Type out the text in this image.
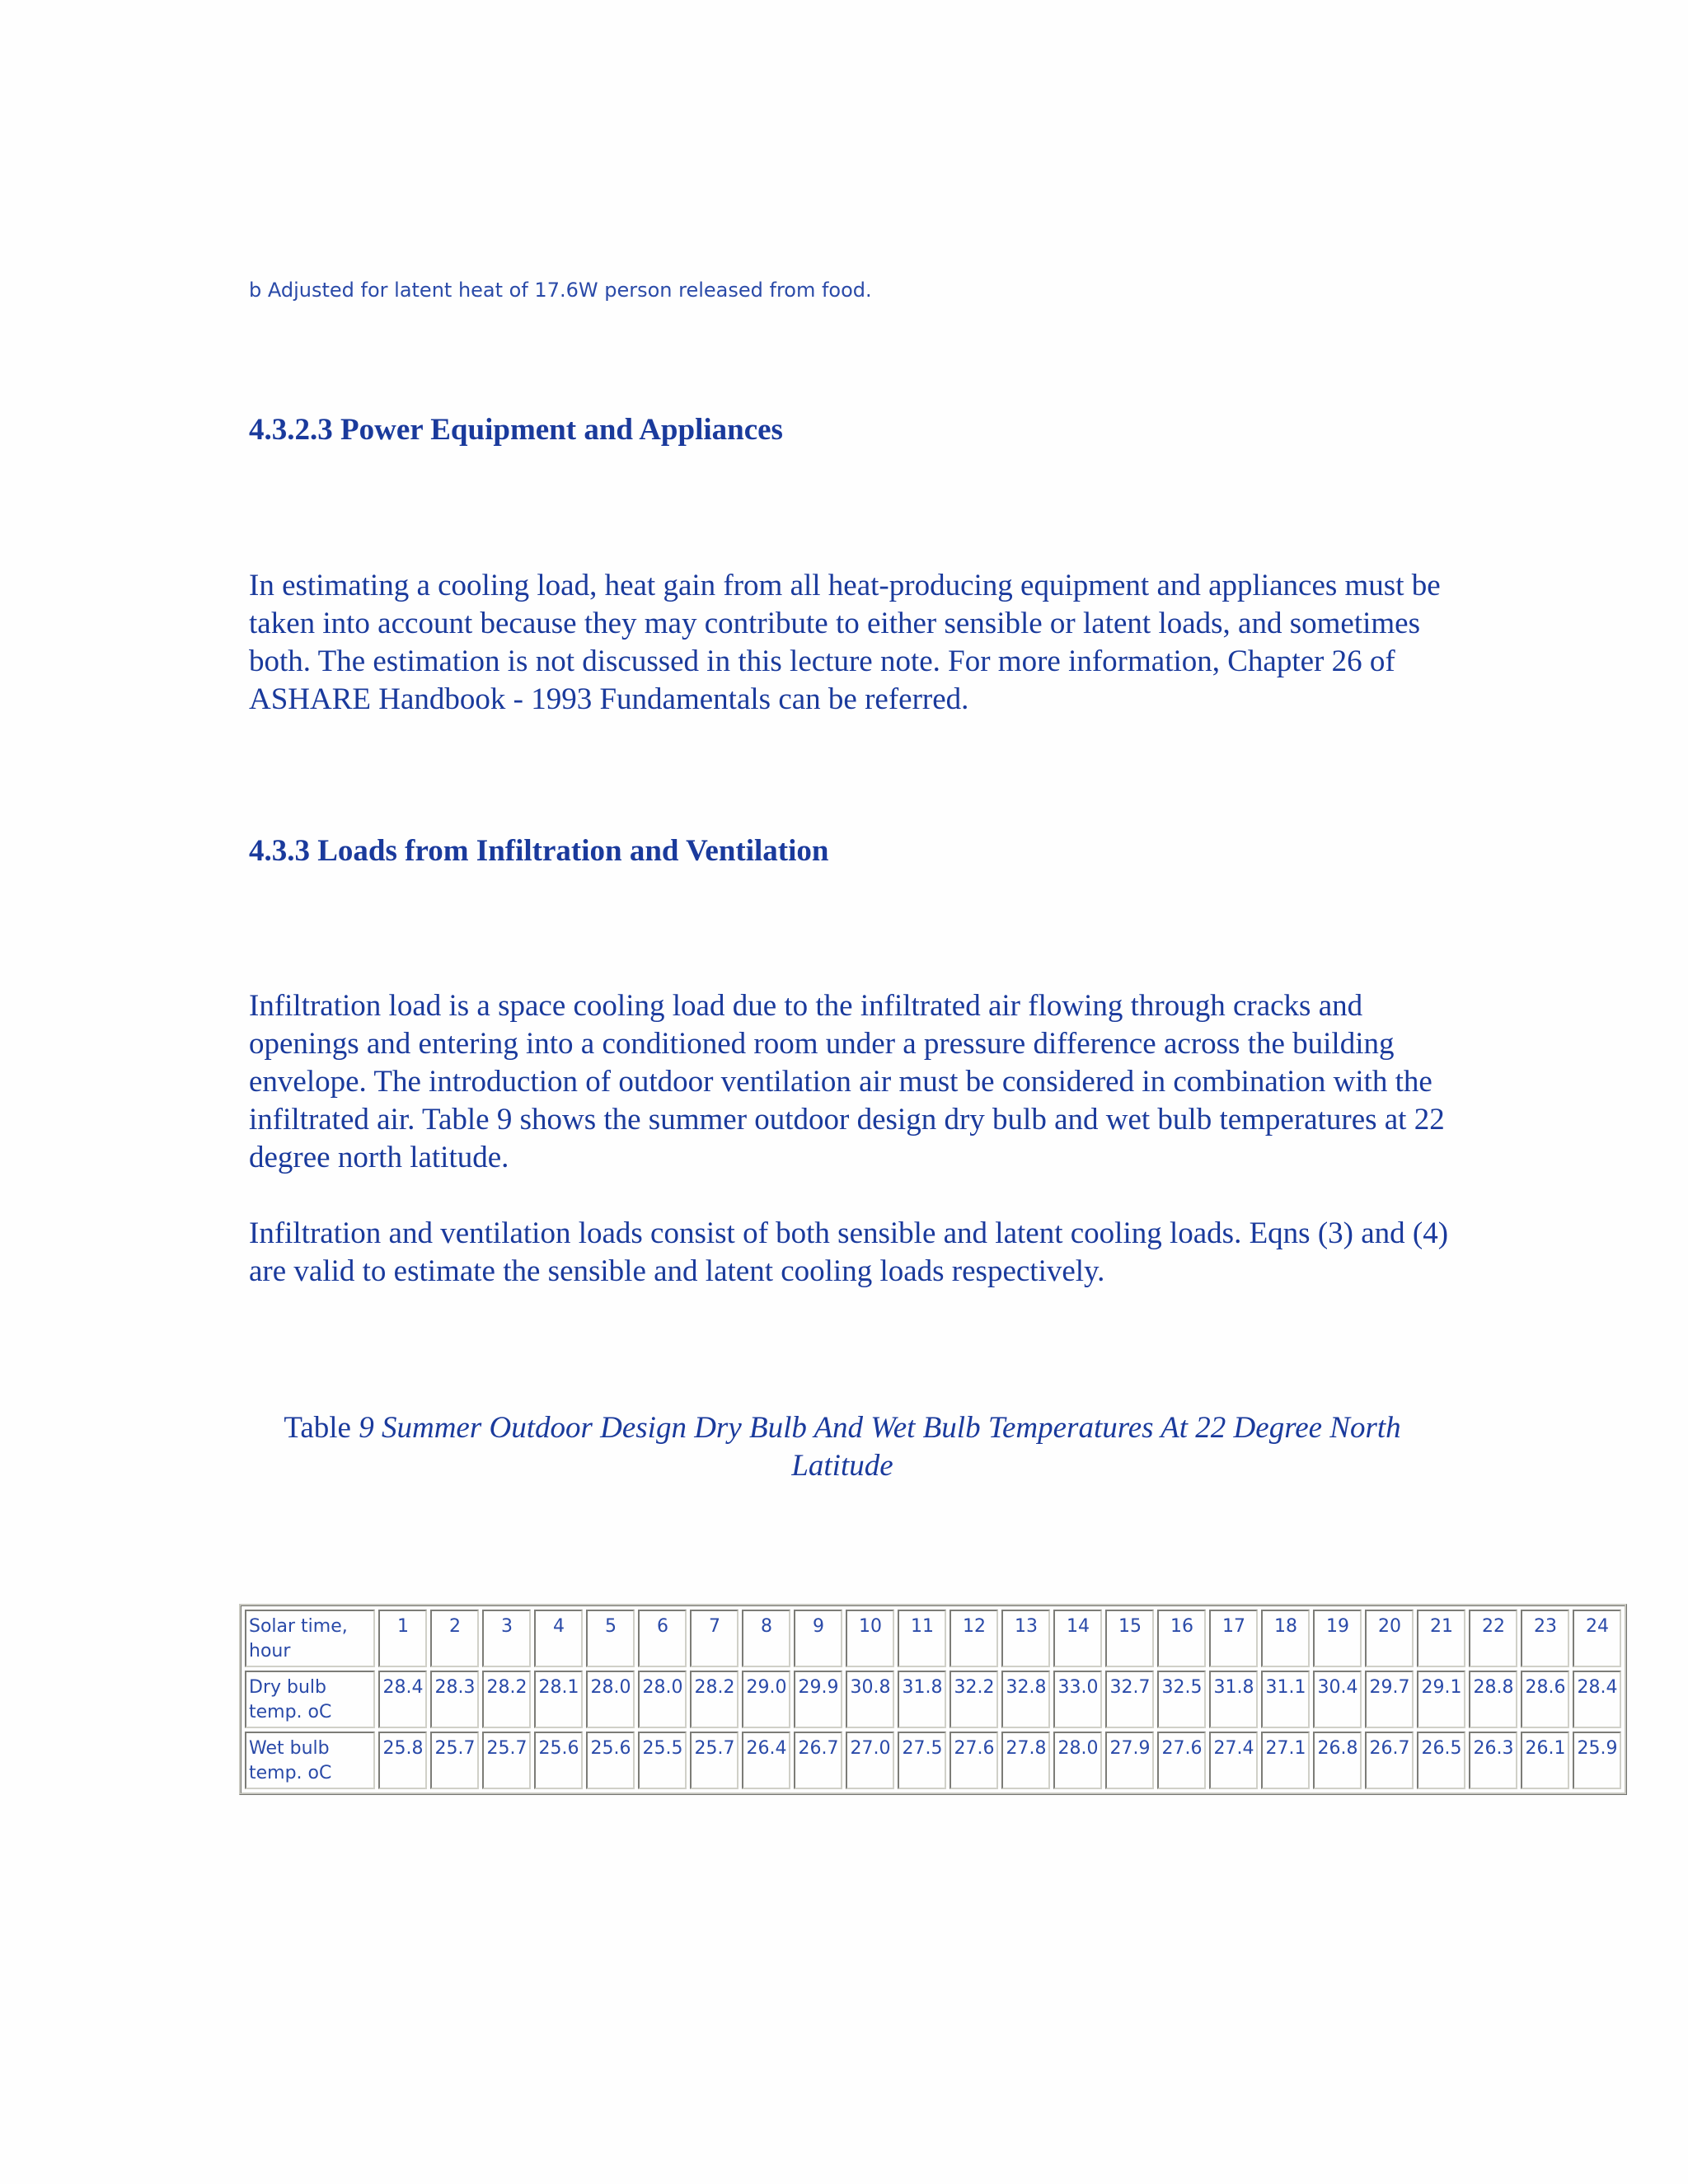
b Adjusted for latent heat of 17.6W person released from food.

4.3.2.3 Power Equipment and Appliances

In estimating a cooling load, heat gain from all heat-producing equipment and appliances must be taken into account because they may contribute to either sensible or latent loads, and sometimes both. The estimation is not discussed in this lecture note. For more information, Chapter 26 of ASHARE Handbook - 1993 Fundamentals can be referred.

4.3.3 Loads from Infiltration and Ventilation

Infiltration load is a space cooling load due to the infiltrated air flowing through cracks and openings and entering into a conditioned room under a pressure difference across the building envelope. The introduction of outdoor ventilation air must be considered in combination with the infiltrated air. Table 9 shows the summer outdoor design dry bulb and wet bulb temperatures at 22 degree north latitude.

Infiltration and ventilation loads consist of both sensible and latent cooling loads. Eqns (3) and (4) are valid to estimate the sensible and latent cooling loads respectively.

Table 9 Summer Outdoor Design Dry Bulb And Wet Bulb Temperatures At 22 Degree North Latitude

Solar time, hour	1	2	3	4	5	6	7	8	9	10	11	12	13	14	15	16	17	18	19	20	21	22	23	24
Dry bulb temp. oC	28.4	28.3	28.2	28.1	28.0	28.0	28.2	29.0	29.9	30.8	31.8	32.2	32.8	33.0	32.7	32.5	31.8	31.1	30.4	29.7	29.1	28.8	28.6	28.4
Wet bulb temp. oC	25.8	25.7	25.7	25.6	25.6	25.5	25.7	26.4	26.7	27.0	27.5	27.6	27.8	28.0	27.9	27.6	27.4	27.1	26.8	26.7	26.5	26.3	26.1	25.9
